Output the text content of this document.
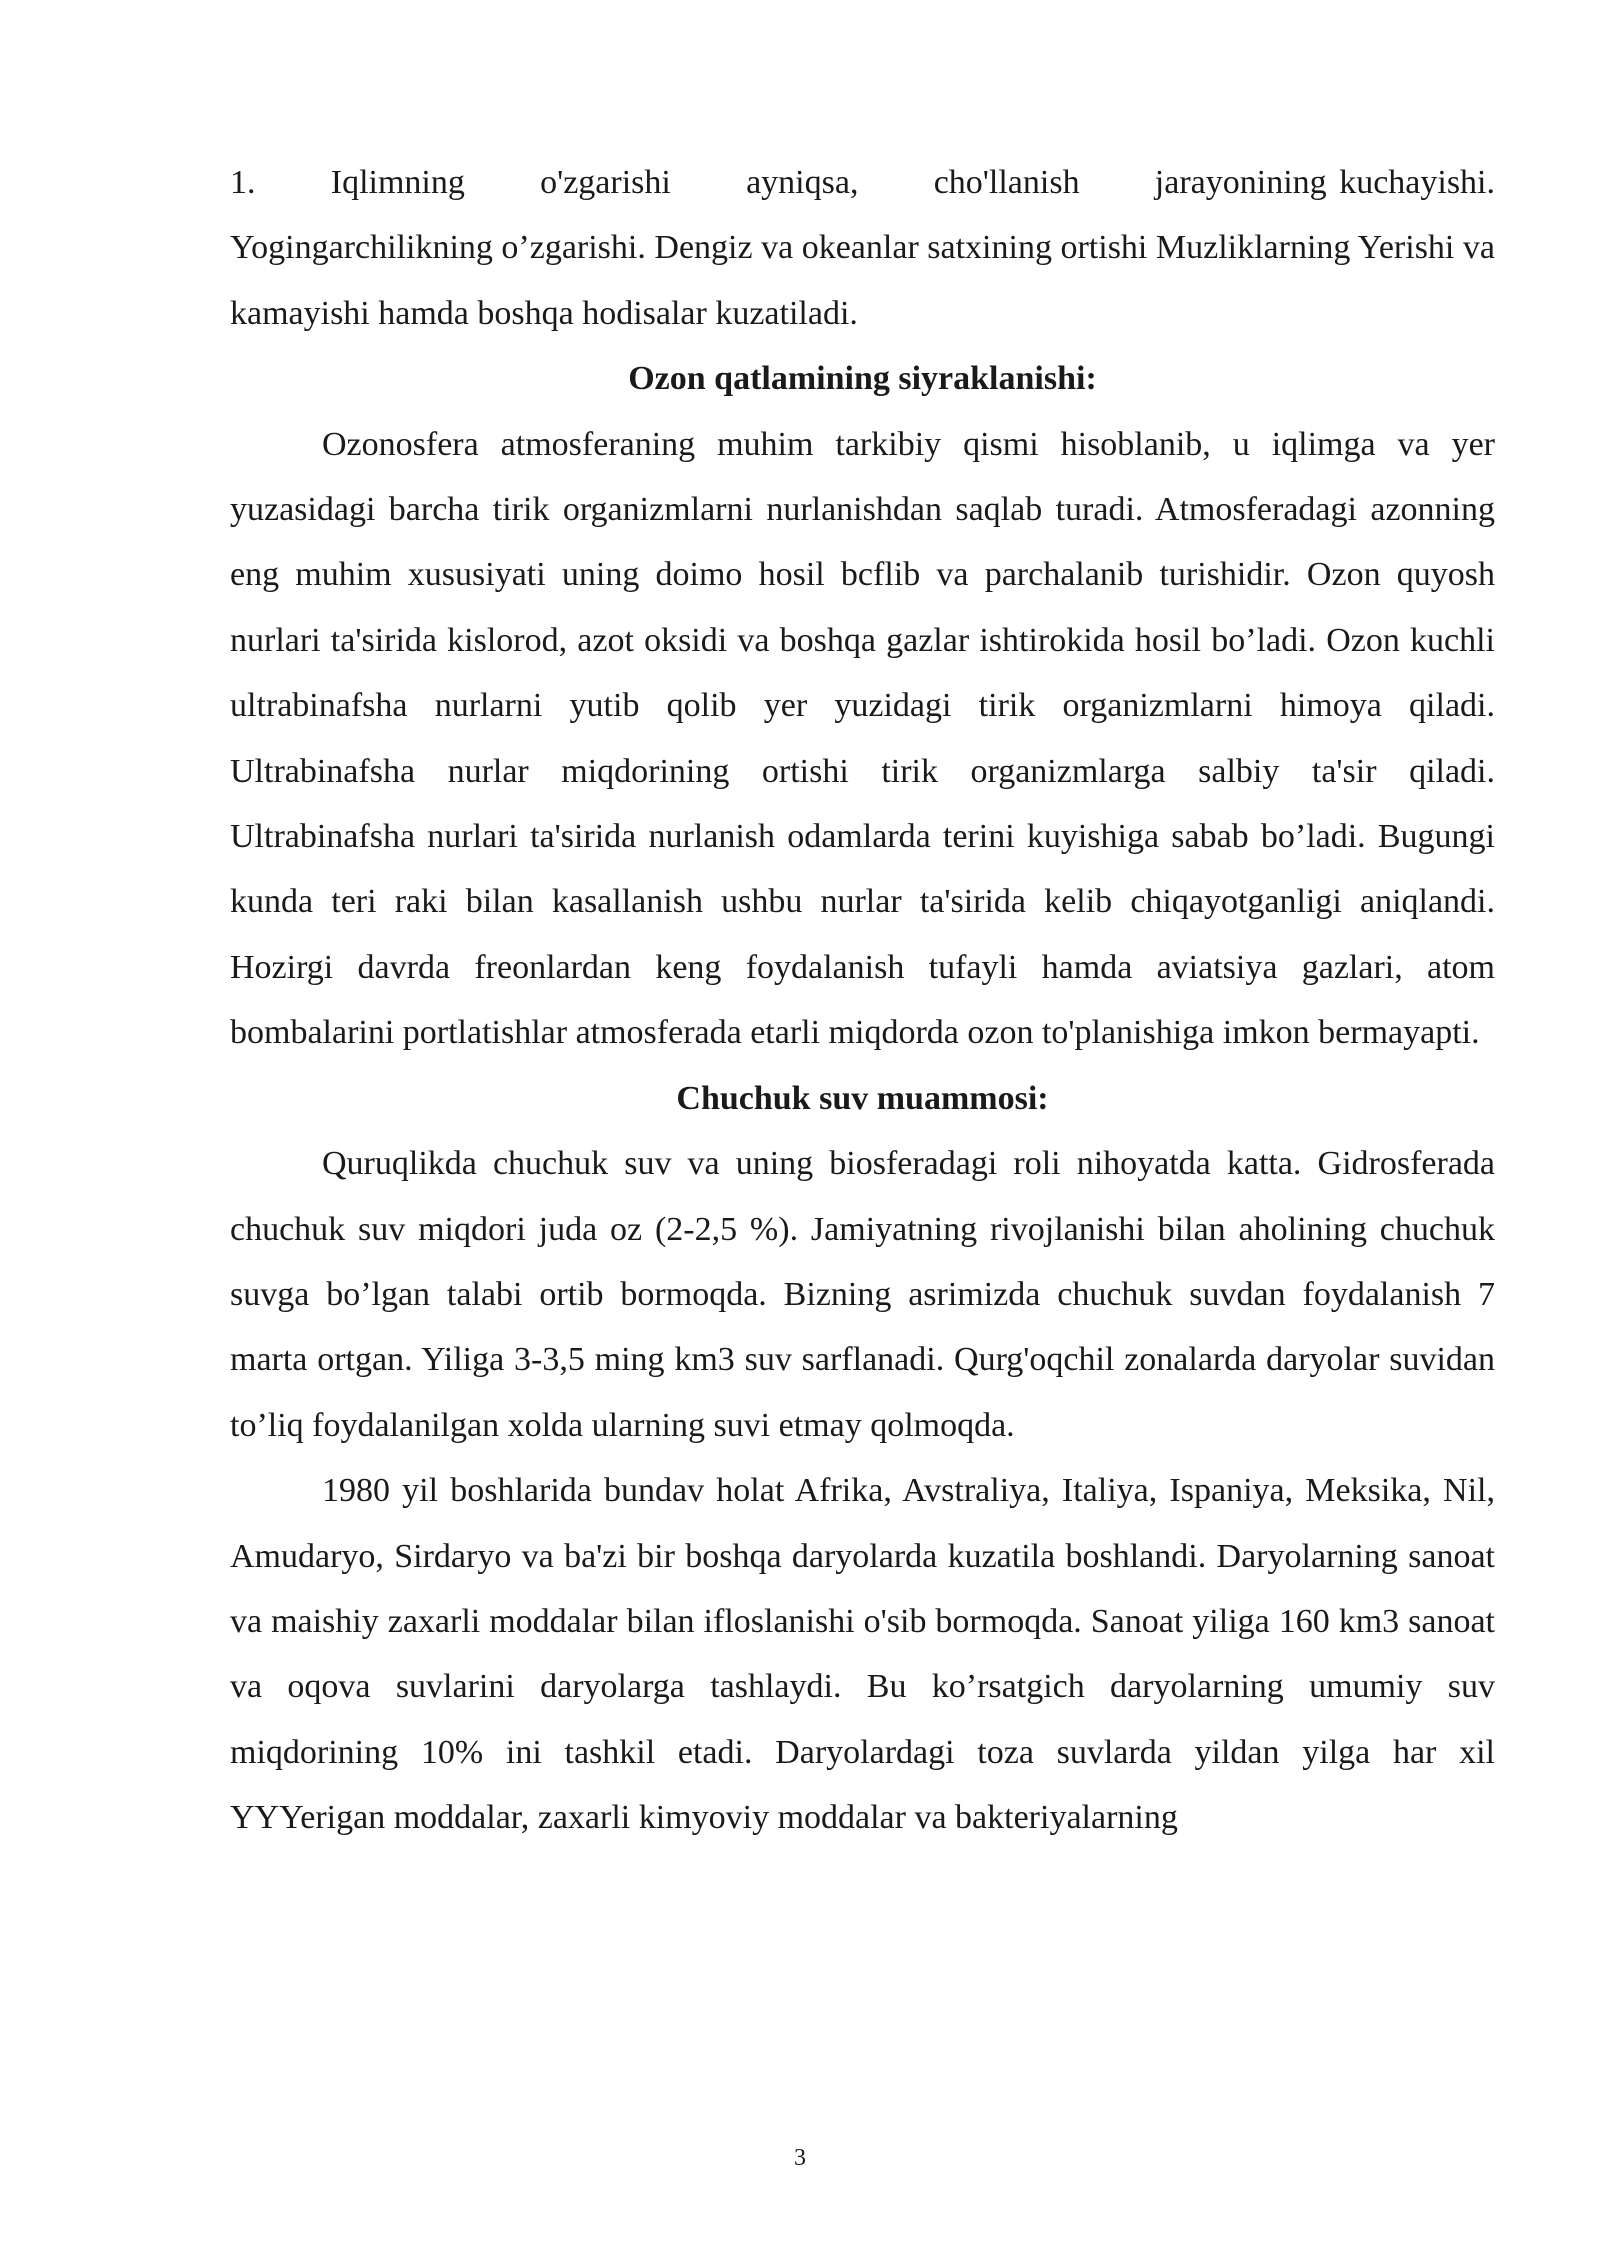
1.      Iqlimning      o'zgarishi      ayniqsa,      cho'llanish      jarayonining kuchayishi. Yogingarchilikning o’zgarishi. Dengiz va okeanlar satxining ortishi Muzliklarning Yerishi va kamayishi hamda boshqa hodisalar kuzatiladi.

Ozon qatlamining siyraklanishi:

Ozonosfera atmosferaning muhim tarkibiy qismi hisoblanib, u iqlimga va yer yuzasidagi barcha tirik organizmlarni nurlanishdan saqlab turadi. Atmosferadagi azonning eng muhim xususiyati uning doimo hosil bcflib va parchalanib turishidir. Ozon quyosh nurlari ta'sirida kislorod, azot oksidi va boshqa gazlar ishtirokida hosil bo’ladi. Ozon kuchli ultrabinafsha nurlarni yutib qolib yer yuzidagi tirik organizmlarni himoya qiladi. Ultrabinafsha nurlar miqdorining ortishi tirik organizmlarga salbiy ta'sir qiladi. Ultrabinafsha nurlari ta'sirida nurlanish odamlarda terini kuyishiga sabab bo’ladi. Bugungi kunda teri raki bilan kasallanish ushbu nurlar ta'sirida kelib chiqayotganligi aniqlandi. Hozirgi davrda freonlardan keng foydalanish tufayli hamda aviatsiya gazlari, atom bombalarini portlatishlar atmosferada etarli miqdorda ozon to'planishiga imkon bermayapti.

Chuchuk suv muammosi:

Quruqlikda chuchuk suv va uning biosferadagi roli nihoyatda katta. Gidrosferada chuchuk suv miqdori juda oz (2-2,5 %). Jamiyatning rivojlanishi bilan aholining chuchuk suvga bo’lgan talabi ortib bormoqda. Bizning asrimizda chuchuk suvdan foydalanish 7 marta ortgan. Yiliga 3-3,5 ming km3 suv sarflanadi. Qurg'oqchil zonalarda daryolar suvidan to’liq foydalanilgan xolda ularning suvi etmay qolmoqda.

1980 yil boshlarida bundav holat Afrika, Avstraliya, Italiya, Ispaniya, Meksika, Nil, Amudaryo, Sirdaryo va ba'zi bir boshqa daryolarda kuzatila boshlandi. Daryolarning sanoat va maishiy zaxarli moddalar bilan ifloslanishi o'sib bormoqda. Sanoat yiliga 160 km3 sanoat va oqova suvlarini daryolarga tashlaydi. Bu ko’rsatgich daryolarning umumiy suv miqdorining 10% ini tashkil etadi. Daryolardagi toza suvlarda yildan yilga har xil YYYerigan moddalar, zaxarli kimyoviy moddalar va bakteriyalarning

3
